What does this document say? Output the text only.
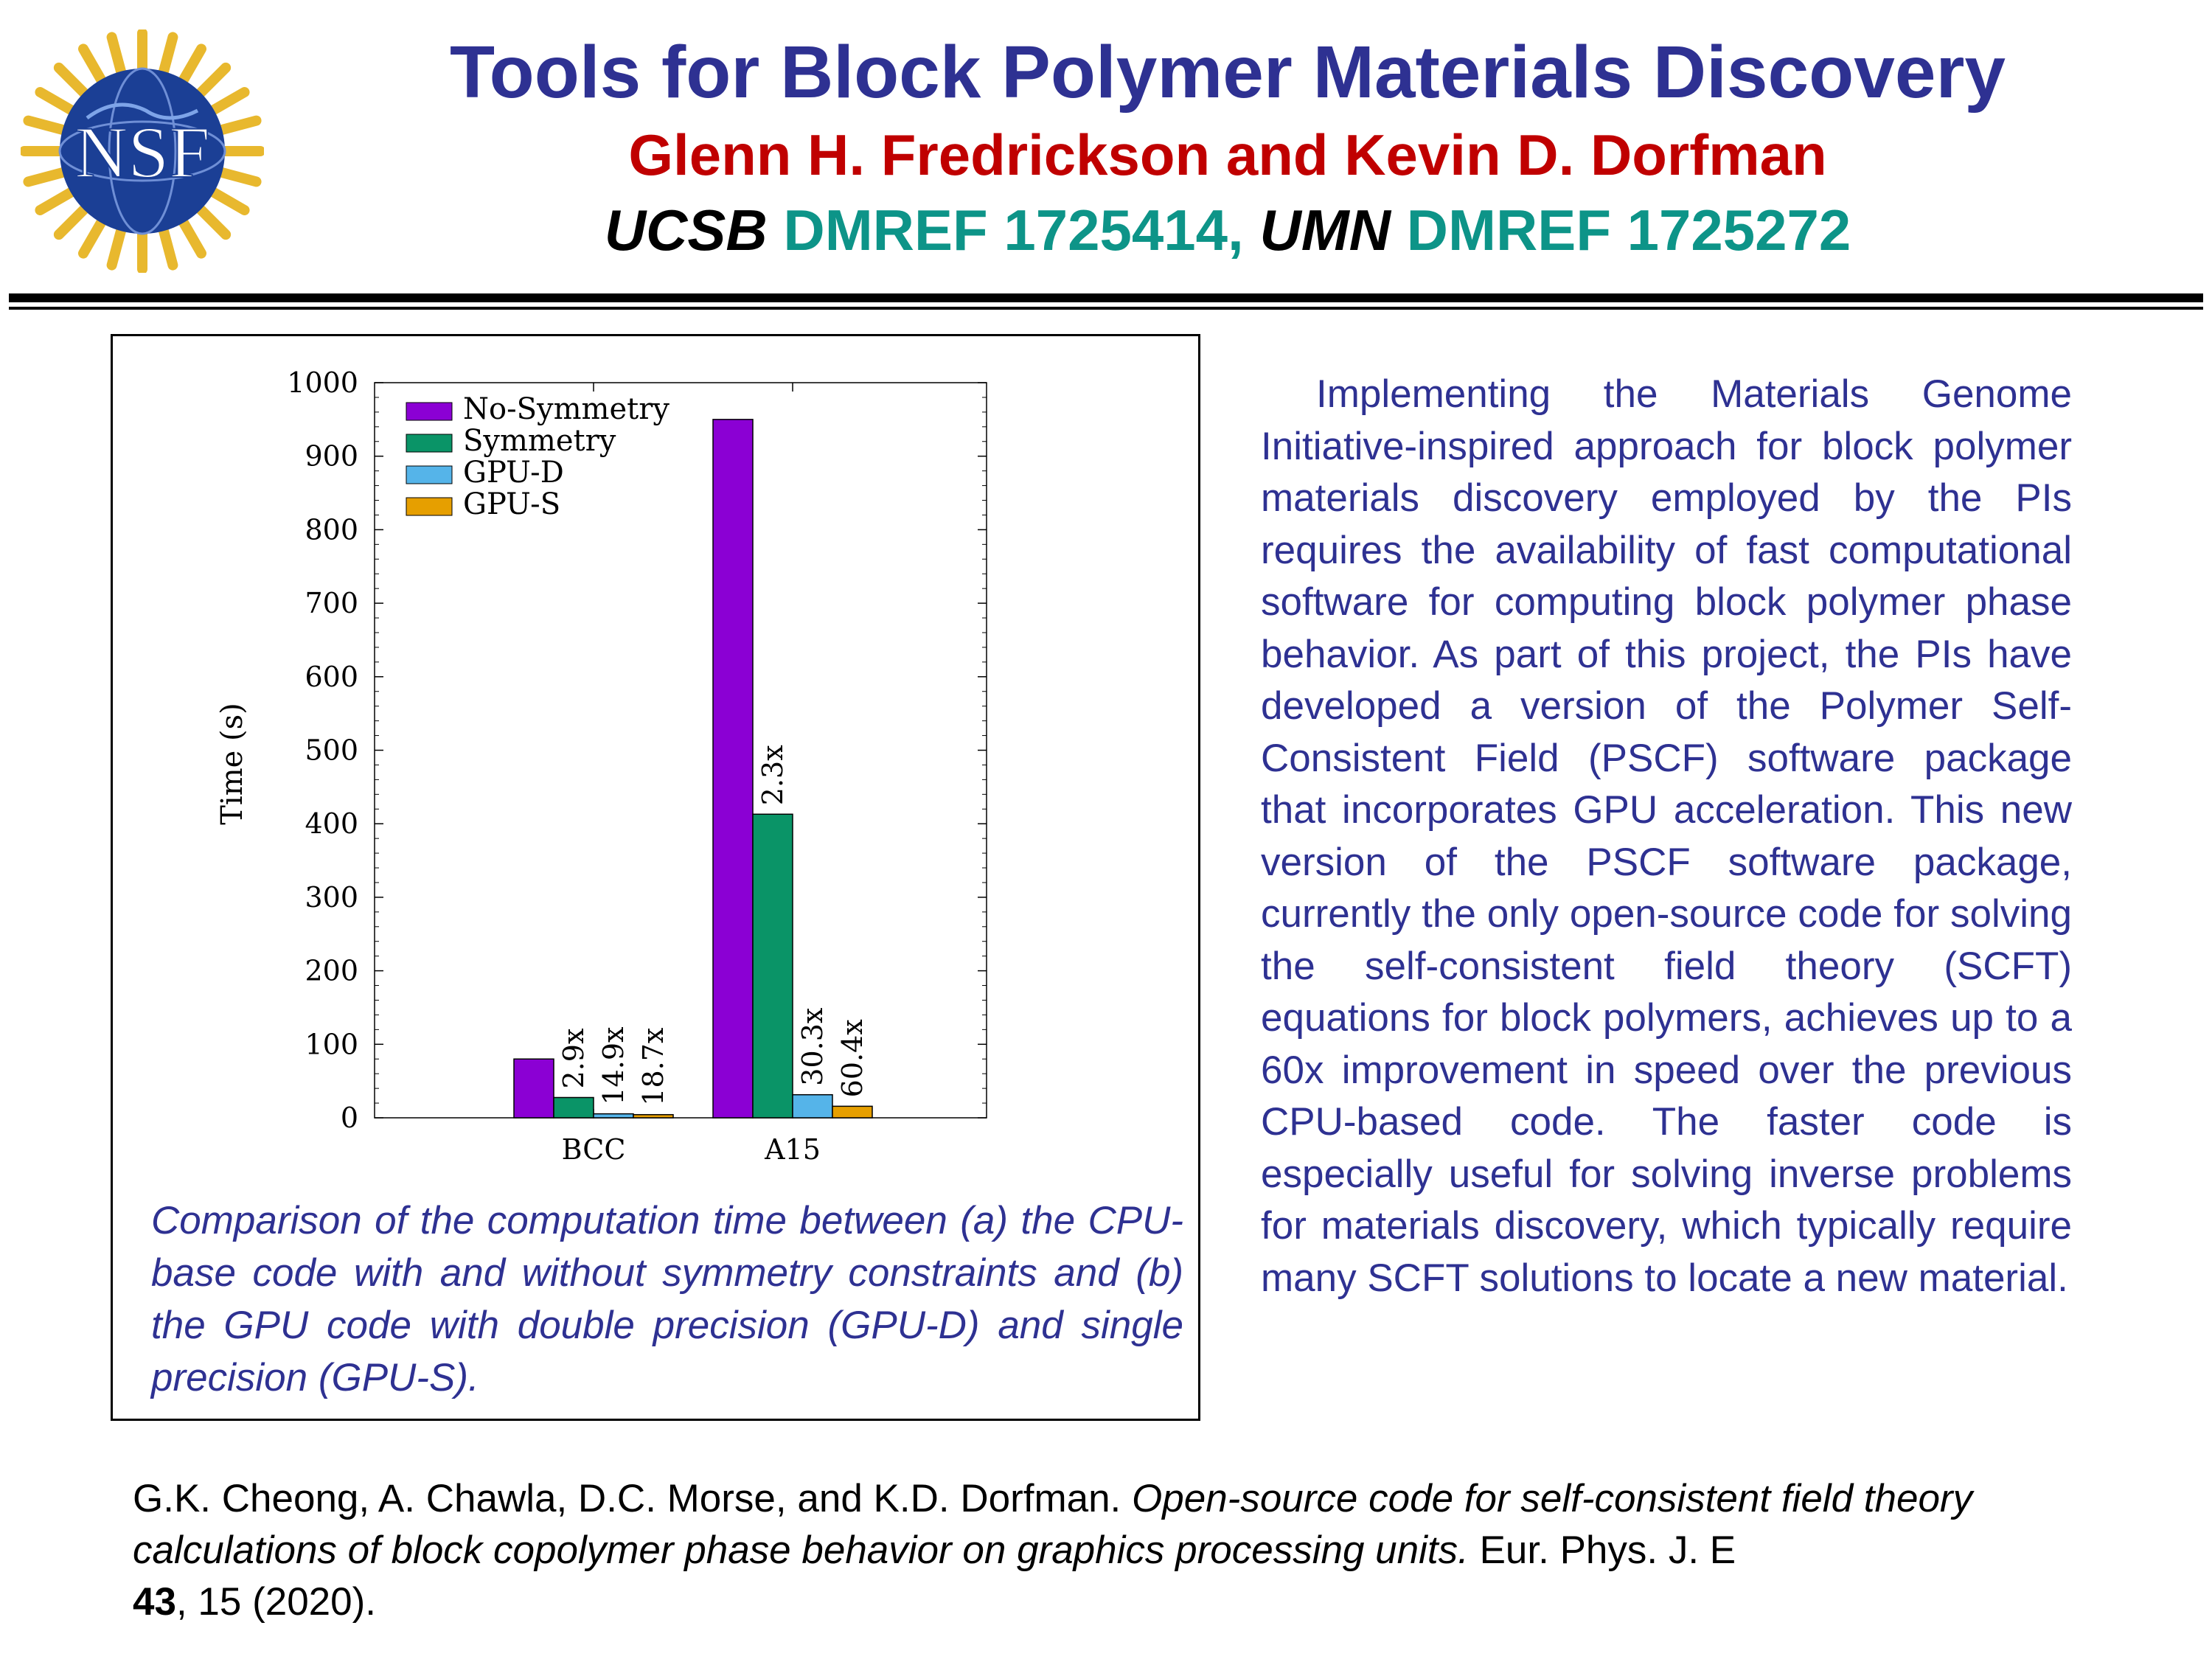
NSF
Tools for Block Polymer Materials Discovery
Glenn H. Fredrickson and Kevin D. Dorfman
UCSB DMREF 1725414, UMN DMREF 1725272
0
100
200
300
400
500
600
700
800
900
1000
BCC
2.9x 14.9x 18.7x
A15
2.3x
30.3x 60.4x
No-Symmetry
Symmetry
GPU-D
GPU-S
Time (s)
Comparison of the computation time between (a) the CPU-base code with and without symmetry constraints and (b) the GPU code with double precision (GPU-D) and single precision (GPU-S).
Implementing the Materials Genome Initiative-inspired approach for block polymer materials discovery employed by the PIs requires the availability of fast computational software for computing block polymer phase behavior. As part of this project, the PIs have developed a version of the Polymer Self-Consistent Field (PSCF) software package that incorporates GPU acceleration. This new version of the PSCF software package, currently the only open-source code for solving the self-consistent field theory (SCFT) equations for block polymers, achieves up to a 60x improvement in speed over the previous CPU-based code. The faster code is especially useful for solving inverse problems for materials discovery, which typically require many SCFT solutions to locate a new material.
G.K. Cheong, A. Chawla, D.C. Morse, and K.D. Dorfman. Open-source code for self-consistent field theory calculations of block copolymer phase behavior on graphics processing units. Eur. Phys. J. E
43, 15 (2020).
